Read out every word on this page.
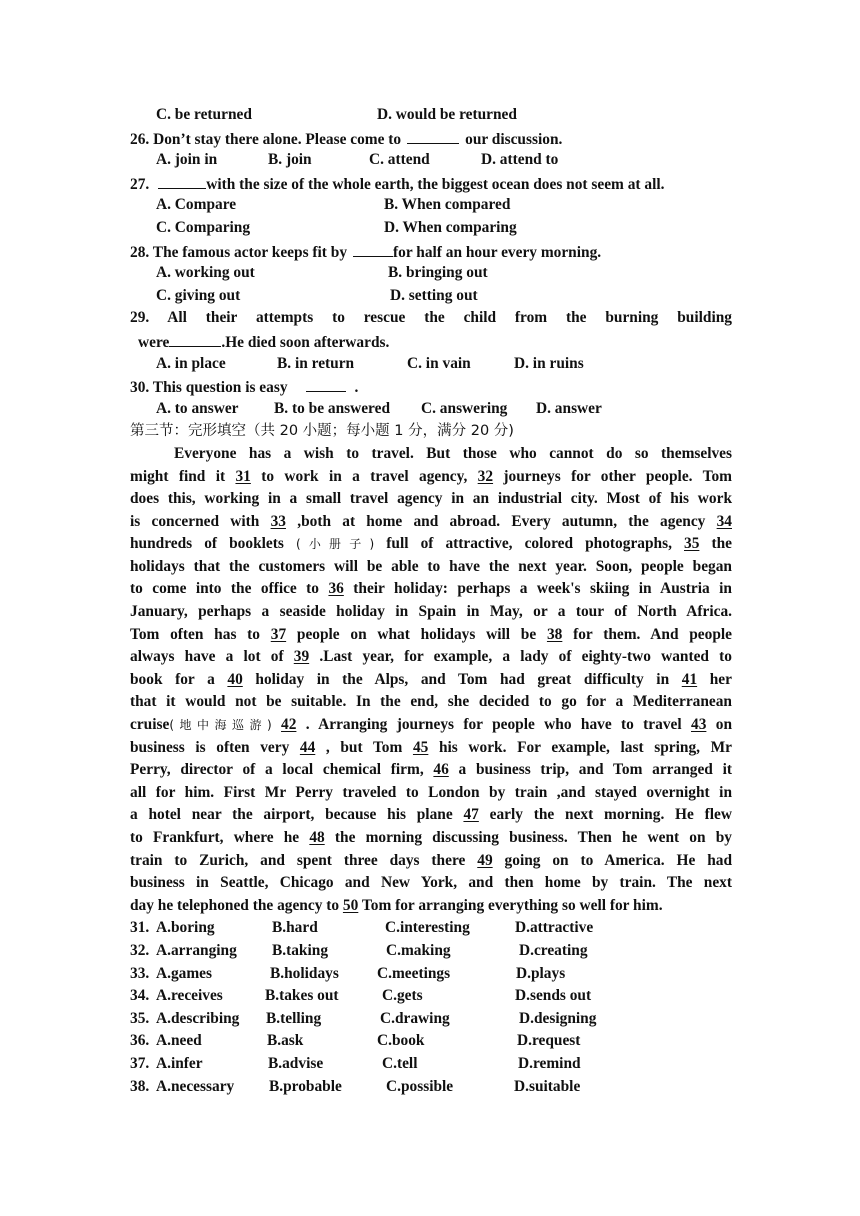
C. be returned	D. would be returned
26. Don’t stay there alone. Please come to	our discussion.
A. join in	B. join	C. attend	D. attend to
27.	with the size of the whole earth, the biggest ocean does not seem at all.
A. Compare	B. When compared
C. Comparing	D. When comparing
28. The famous actor keeps fit by	for half an hour every morning.
A. working out	B. bringing out
C. giving out	D. setting out
29. All their attempts to rescue the child from the burning building
were	.He died soon afterwards.
A. in place	B. in return	C. in vain	D. in ruins
30. This question is easy	.
A. to answer B. to be answered C. answering D. answer
第三节：完形填空（共 20 小题；每小题 1 分，满分 20 分)
Everyone has a wish to travel. But those who cannot do so themselves
might find it 31 to work in a travel agency, 32 journeys for other people. Tom
does this, working in a small travel agency in an industrial city. Most of his work
is concerned with 33 ,both at home and abroad. Every autumn, the agency 34
hundreds of booklets (小册子) full of attractive, colored photographs, 35 the
holidays that the customers will be able to have the next year. Soon, people began
to come into the office to 36 their holiday: perhaps a week's skiing in Austria in
January, perhaps a seaside holiday in Spain in May, or a tour of North Africa.
Tom often has to 37 people on what holidays will be 38 for them. And people
always have a lot of 39 .Last year, for example, a lady of eighty-two wanted to
book for a 40 holiday in the Alps, and Tom had great difficulty in 41 her
that it would not be suitable. In the end, she decided to go for a Mediterranean
cruise(地中海巡游) 42 . Arranging journeys for people who have to travel 43 on
business is often very 44 , but Tom 45 his work. For example, last spring, Mr
Perry, director of a local chemical firm, 46 a business trip, and Tom arranged it
all for him. First Mr Perry traveled to London by train ,and stayed overnight in
a hotel near the airport, because his plane 47 early the next morning. He flew
to Frankfurt, where he 48 the morning discussing business. Then he went on by
train to Zurich, and spent three days there 49 going on to America. He had
business in Seattle, Chicago and New York, and then home by train. The next
day he telephoned the agency to 50 Tom for arranging everything so well for him.
31. A.boring	B.hard	C.interesting	D.attractive
32. A.arranging B.taking	C.making	D.creating
33. A.games	B.holidays C.meetings	D.plays
34. A.receives	B.takes out	C.gets	D.sends out
35. A.describing B.telling	C.drawing	D.designing
36. A.need	B.ask	C.book	D.request
37. A.infer	B.advise	C.tell	D.remind
38. A.necessary B.probable	C.possible	D.suitable
